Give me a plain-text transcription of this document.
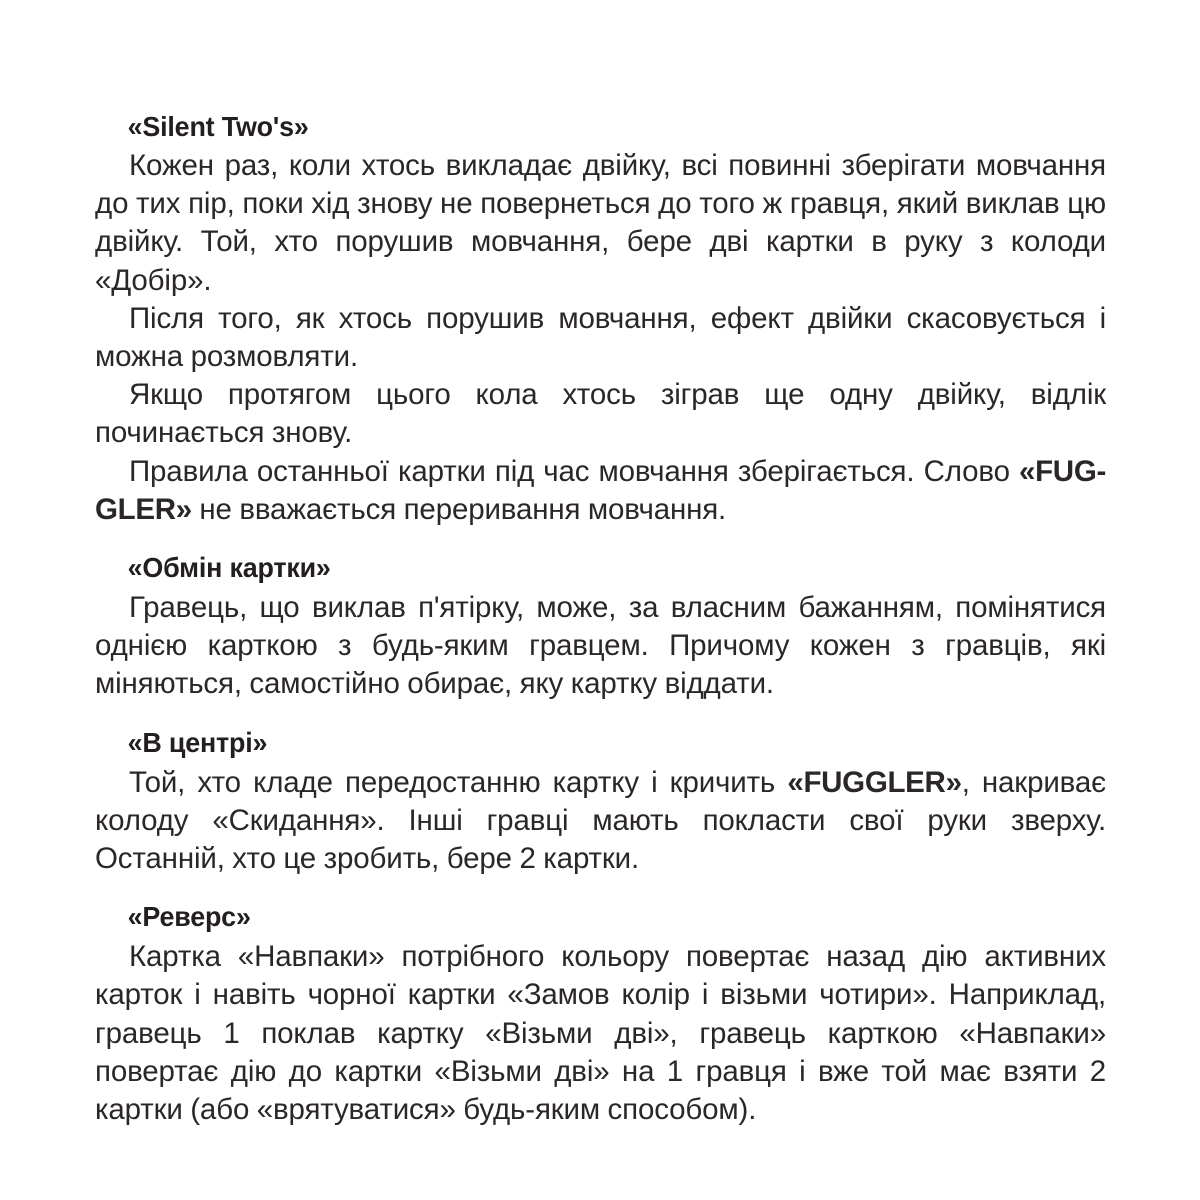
«Silent Two's»

Кожен раз, коли хтось викладає двійку, всі повинні зберігати мовчання до тих пір, поки хід знову не повернеться до того ж гравця, який виклав цю двійку. Той, хто порушив мовчання, бере дві картки в руку з колоди «Добір».

Після того, як хтось порушив мовчання, ефект двійки скасовується і можна розмовляти.

Якщо протягом цього кола хтось зіграв ще одну двійку, відлік починається знову.

Правила останньої картки під час мовчання зберігається. Слово «FUG-GLER» не вважається переривання мовчання.

«Обмін картки»

Гравець, що виклав п'ятірку, може, за власним бажанням, помінятися однією карткою з будь-яким гравцем. Причому кожен з гравців, які міняються, самостійно обирає, яку картку віддати.

«В центрі»

Той, хто кладе передостанню картку і кричить «FUGGLER», накриває колоду «Скидання». Інші гравці мають покласти свої руки зверху. Останній, хто це зробить, бере 2 картки.

«Реверс»

Картка «Навпаки» потрібного кольору повертає назад дію активних карток і навіть чорної картки «Замов колір і візьми чотири». Наприклад, гравець 1 поклав картку «Візьми дві», гравець карткою «Навпаки» повертає дію до картки «Візьми дві» на 1 гравця і вже той має взяти 2 картки (або «врятуватися» будь-яким способом).
